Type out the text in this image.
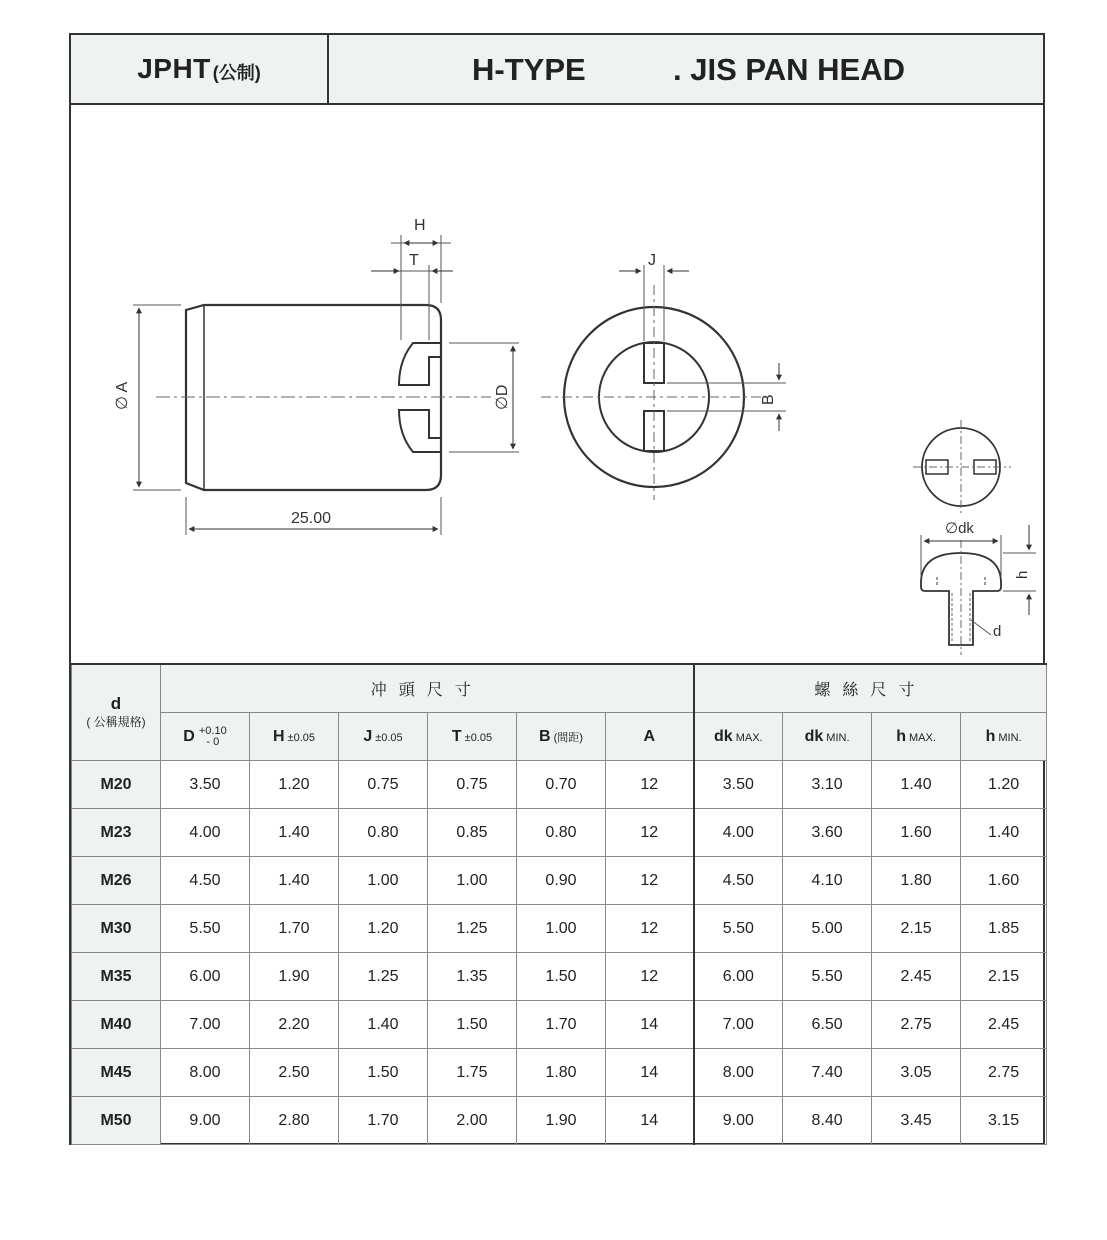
JPHT (公制)	H-TYPE	. JIS PAN HEAD
H
T	J
25.00
∅ A	∅D	B
∅dk
h
d
d
( 公稱規格)	冲頭尺寸						螺絲尺寸			
	D +0.10
- 0	H ±0.05	J ±0.05	T ±0.05	B (間距)	A	dk MAX.	dk MIN.	h MAX.	h MIN.
M20	3.50	1.20	0.75	0.75	0.70	12	3.50	3.10	1.40	1.20
M23	4.00	1.40	0.80	0.85	0.80	12	4.00	3.60	1.60	1.40
M26	4.50	1.40	1.00	1.00	0.90	12	4.50	4.10	1.80	1.60
M30	5.50	1.70	1.20	1.25	1.00	12	5.50	5.00	2.15	1.85
M35	6.00	1.90	1.25	1.35	1.50	12	6.00	5.50	2.45	2.15
M40	7.00	2.20	1.40	1.50	1.70	14	7.00	6.50	2.75	2.45
M45	8.00	2.50	1.50	1.75	1.80	14	8.00	7.40	3.05	2.75
M50	9.00	2.80	1.70	2.00	1.90	14	9.00	8.40	3.45	3.15
